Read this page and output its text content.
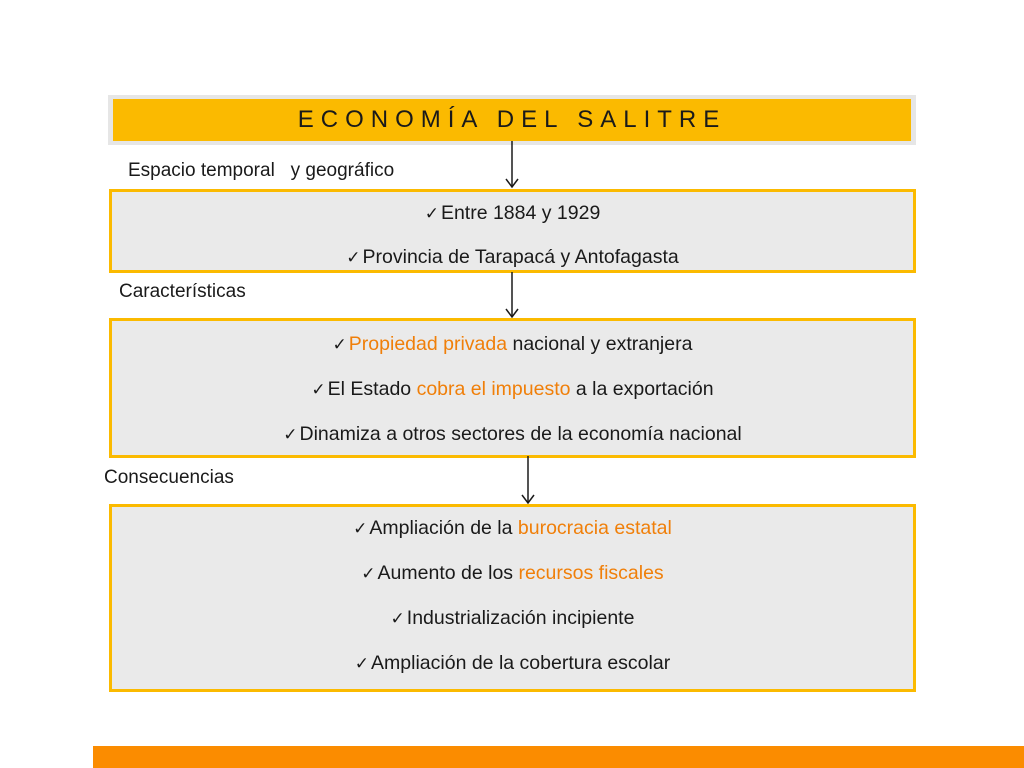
ECONOMÍA DEL SALITRE
Espacio temporal   y geográfico
✓ Entre 1884 y 1929
✓ Provincia de Tarapacá y Antofagasta
Características
✓ Propiedad privada nacional y extranjera
✓ El Estado cobra el impuesto a la exportación
✓ Dinamiza a otros sectores de la economía nacional
Consecuencias
✓ Ampliación de la burocracia estatal
✓ Aumento de los recursos fiscales
✓ Industrialización incipiente
✓ Ampliación de la cobertura escolar
